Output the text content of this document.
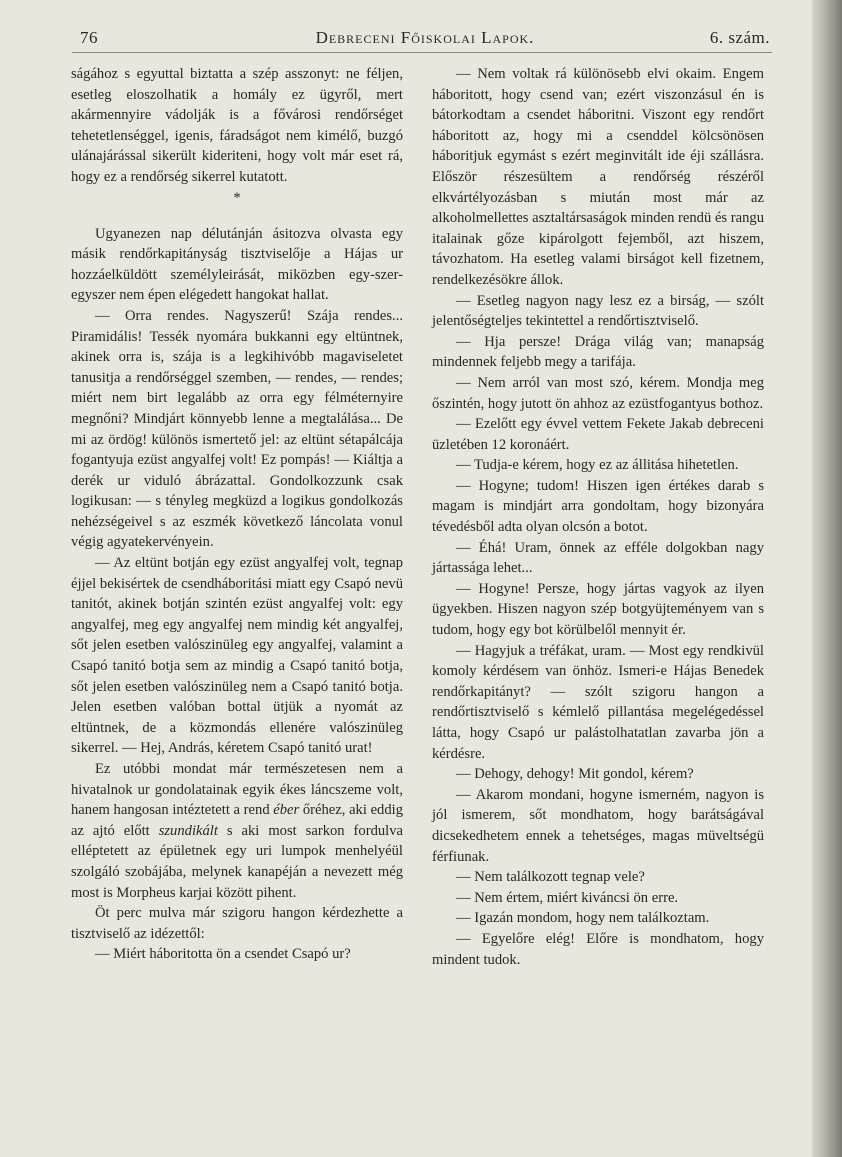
76	Debreceni Főiskolai Lapok.	6. szám.

ságához s egyuttal biztatta a szép asszonyt: ne féljen, esetleg eloszolhatik a homály ez ügyről, mert akármennyire vádolják is a fővárosi rendőrséget tehetetlenséggel, igenis, fáradságot nem kimélő, buzgó ulánajárással sikerült kideriteni, hogy volt már eset rá, hogy ez a rendőrség sikerrel kutatott.

*

Ugyanezen nap délutánján ásitozva olvasta egy másik rendőrkapitányság tisztviselője a Hájas ur hozzáelküldött személyleirását, miközben egy-szer-egyszer nem épen elégedett hangokat hallat.

— Orra rendes. Nagyszerű! Szája rendes... Piramidális! Tessék nyomára bukkanni egy eltüntnek, akinek orra is, szája is a legkihivóbb magaviseletet tanusitja a rendőrséggel szemben, — rendes, — rendes; miért nem birt legalább az orra egy félméternyire megnőni? Mindjárt könnyebb lenne a megtalálása... De mi az ördög! különös ismertető jel: az eltünt sétapálcája fogantyuja ezüst angyalfej volt! Ez pompás! — Kiáltja a derék ur viduló ábrázattal. Gondolkozzunk csak logikusan: — s tényleg megküzd a logikus gondolkozás nehézségeivel s az eszmék következő láncolata vonul végig agyatekervényein.

— Az eltünt botján egy ezüst angyalfej volt, tegnap éjjel bekisértek de csendháboritási miatt egy Csapó nevü tanitót, akinek botján szintén ezüst angyalfej volt: egy angyalfej, meg egy angyalfej nem mindig két angyalfej, sőt jelen esetben valószinüleg egy angyalfej, valamint a Csapó tanitó botja sem az mindig a Csapó tanitó botja, sőt jelen esetben valószinüleg nem a Csapó tanitó botja. Jelen esetben valóban bottal ütjük a nyomát az eltüntnek, de a közmondás ellenére valószinüleg sikerrel. — Hej, András, kéretem Csapó tanitó urat!

Ez utóbbi mondat már természetesen nem a hivatalnok ur gondolatainak egyik ékes láncszeme volt, hanem hangosan intéztetett a rend éber őréhez, aki eddig az ajtó előtt szundikált s aki most sarkon fordulva elléptetett az épületnek egy uri lumpok menhelyéül szolgáló szobájába, melynek kanapéján a nevezett még most is Morpheus karjai között pihent.

Öt perc mulva már szigoru hangon kérdezhette a tisztviselő az idézettől:

— Miért háboritotta ön a csendet Csapó ur?

— Nem voltak rá különösebb elvi okaim. Engem háboritott, hogy csend van; ezért viszonzásul én is bátorkodtam a csendet háboritni. Viszont egy rendőrt háboritott az, hogy mi a csenddel kölcsönösen háboritjuk egymást s ezért meginvitált ide éji szállásra. Először részesültem a rendőrség részéről elkvártélyozásban s miután most már az alkoholmellettes asztaltársaságok minden rendü és rangu italainak gőze kipárolgott fejemből, azt hiszem, távozhatom. Ha esetleg valami birságot kell fizetnem, rendelkezésökre állok.

— Esetleg nagyon nagy lesz ez a birság, — szólt jelentőségteljes tekintettel a rendőrtisztviselő.

— Hja persze! Drága világ van; manapság mindennek feljebb megy a tarifája.

— Nem arról van most szó, kérem. Mondja meg őszintén, hogy jutott ön ahhoz az ezüstfogantyus bothoz.

— Ezelőtt egy évvel vettem Fekete Jakab debreceni üzletében 12 koronáért.

— Tudja-e kérem, hogy ez az állitása hihetetlen.

— Hogyne; tudom! Hiszen igen értékes darab s magam is mindjárt arra gondoltam, hogy bizonyára tévedésből adta olyan olcsón a botot.

— Éhá! Uram, önnek az efféle dolgokban nagy jártassága lehet...

— Hogyne! Persze, hogy jártas vagyok az ilyen ügyekben. Hiszen nagyon szép botgyüjteményem van s tudom, hogy egy bot körülbelől mennyit ér.

— Hagyjuk a tréfákat, uram. — Most egy rendkivül komoly kérdésem van önhöz. Ismeri-e Hájas Benedek rendőrkapitányt? — szólt szigoru hangon a rendőrtisztviselő s kémlelő pillantása megelégedéssel látta, hogy Csapó ur palástolhatatlan zavarba jön a kérdésre.

— Dehogy, dehogy! Mit gondol, kérem?

— Akarom mondani, hogyne ismerném, nagyon is jól ismerem, sőt mondhatom, hogy barátságával dicsekedhetem ennek a tehetséges, magas müveltségü férfiunak.

— Nem találkozott tegnap vele?

— Nem értem, miért kiváncsi ön erre.

— Igazán mondom, hogy nem találkoztam.

— Egyelőre elég! Előre is mondhatom, hogy mindent tudok.
